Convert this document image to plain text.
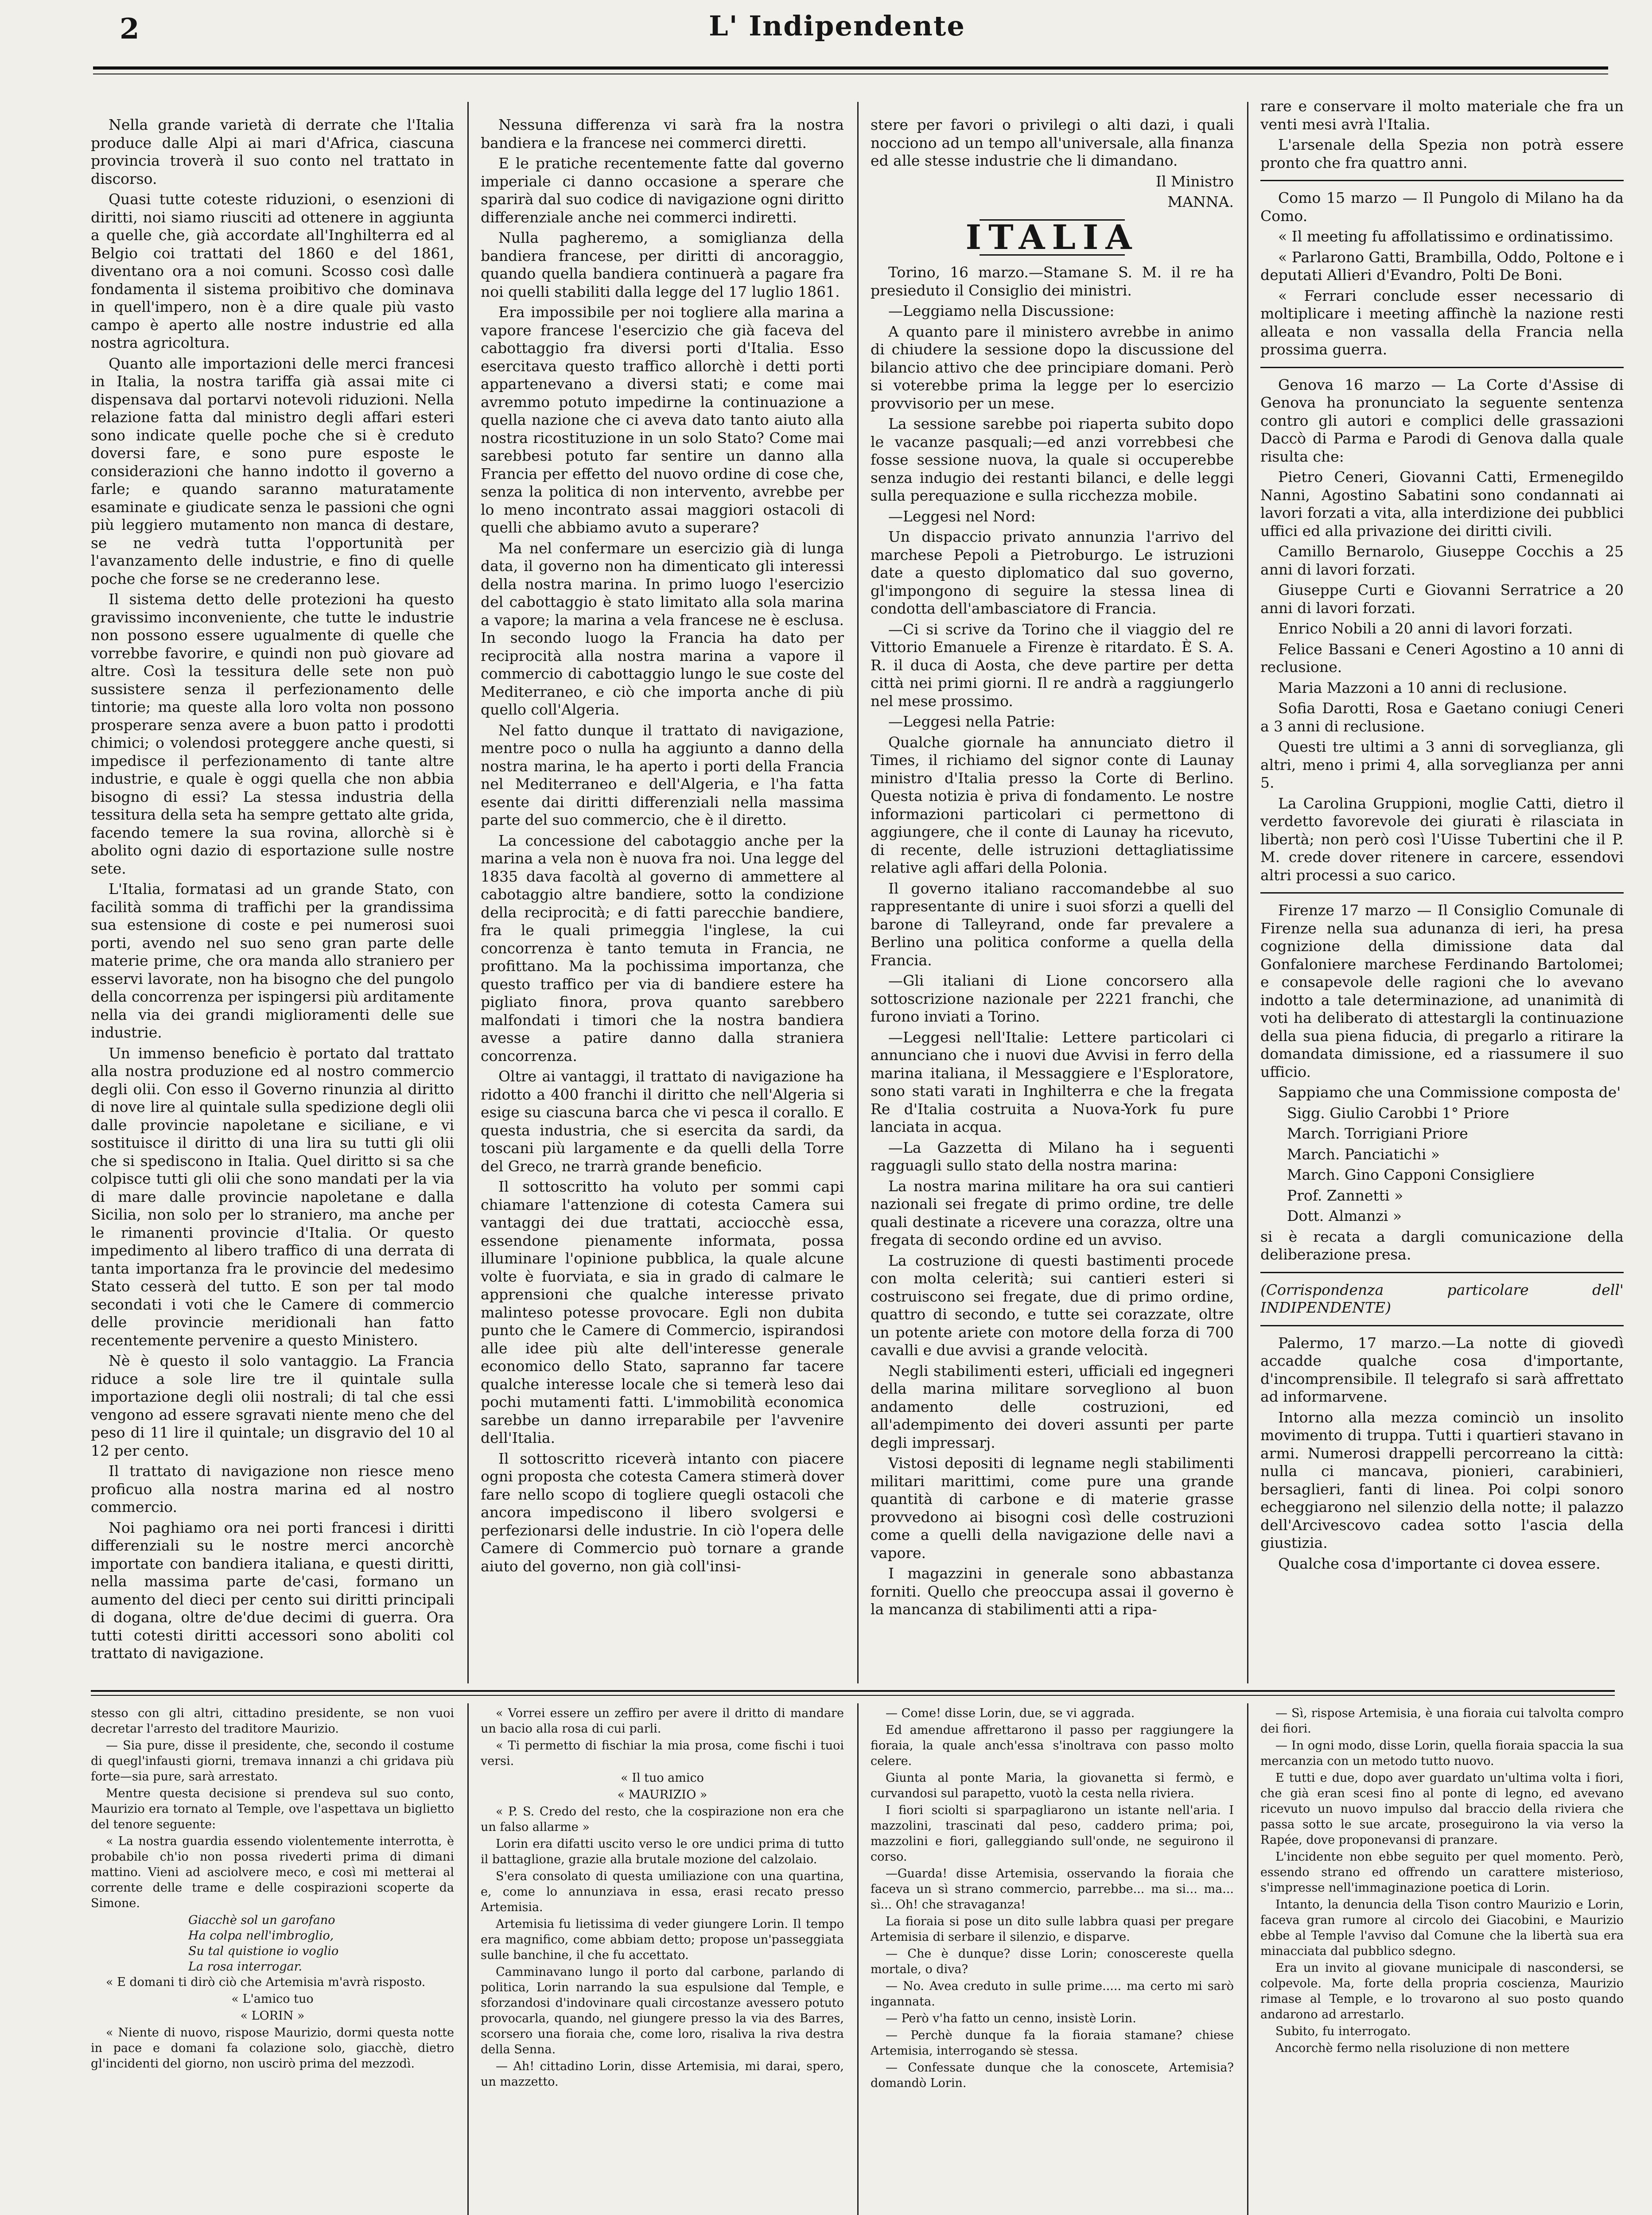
2	L' Indipendente

Nella grande varietà di derrate che l'Italia produce dalle Alpi ai mari d'Africa, ciascuna provincia troverà il suo conto nel trattato in discorso.

Quasi tutte coteste riduzioni, o esenzioni di diritti, noi siamo riusciti ad ottenere in aggiunta a quelle che, già accordate all'Inghilterra ed al Belgio coi trattati del 1860 e del 1861, diventano ora a noi comuni. Scosso così dalle fondamenta il sistema proibitivo che dominava in quell'impero, non è a dire quale più vasto campo è aperto alle nostre industrie ed alla nostra agricoltura.

Quanto alle importazioni delle merci francesi in Italia, la nostra tariffa già assai mite ci dispensava dal portarvi notevoli riduzioni. Nella relazione fatta dal ministro degli affari esteri sono indicate quelle poche che si è creduto doversi fare, e sono pure esposte le considerazioni che hanno indotto il governo a farle; e quando saranno maturatamente esaminate e giudicate senza le passioni che ogni più leggiero mutamento non manca di destare, se ne vedrà tutta l'opportunità per l'avanzamento delle industrie, e fino di quelle poche che forse se ne crederanno lese.

Il sistema detto delle protezioni ha questo gravissimo inconveniente, che tutte le industrie non possono essere ugualmente di quelle che vorrebbe favorire, e quindi non può giovare ad altre. Così la tessitura delle sete non può sussistere senza il perfezionamento delle tintorie; ma queste alla loro volta non possono prosperare senza avere a buon patto i prodotti chimici; o volendosi proteggere anche questi, si impedisce il perfezionamento di tante altre industrie, e quale è oggi quella che non abbia bisogno di essi? La stessa industria della tessitura della seta ha sempre gettato alte grida, facendo temere la sua rovina, allorchè si è abolito ogni dazio di esportazione sulle nostre sete.

L'Italia, formatasi ad un grande Stato, con facilità somma di traffichi per la grandissima sua estensione di coste e pei numerosi suoi porti, avendo nel suo seno gran parte delle materie prime, che ora manda allo straniero per esservi lavorate, non ha bisogno che del pungolo della concorrenza per ispingersi più arditamente nella via dei grandi miglioramenti delle sue industrie.

Un immenso beneficio è portato dal trattato alla nostra produzione ed al nostro commercio degli olii. Con esso il Governo rinunzia al diritto di nove lire al quintale sulla spedizione degli olii dalle provincie napoletane e siciliane, e vi sostituisce il diritto di una lira su tutti gli olii che si spediscono in Italia. Quel diritto si sa che colpisce tutti gli olii che sono mandati per la via di mare dalle provincie napoletane e dalla Sicilia, non solo per lo straniero, ma anche per le rimanenti provincie d'Italia. Or questo impedimento al libero traffico di una derrata di tanta importanza fra le provincie del medesimo Stato cesserà del tutto. E son per tal modo secondati i voti che le Camere di commercio delle provincie meridionali han fatto recentemente pervenire a questo Ministero.

Nè è questo il solo vantaggio. La Francia riduce a sole lire tre il quintale sulla importazione degli olii nostrali; di tal che essi vengono ad essere sgravati niente meno che del peso di 11 lire il quintale; un disgravio del 10 al 12 per cento.

Il trattato di navigazione non riesce meno proficuo alla nostra marina ed al nostro commercio.

Noi paghiamo ora nei porti francesi i diritti differenziali su le nostre merci ancorchè importate con bandiera italiana, e questi diritti, nella massima parte de'casi, formano un aumento del dieci per cento sui diritti principali di dogana, oltre de'due decimi di guerra. Ora tutti cotesti diritti accessori sono aboliti col trattato di navigazione.

Nessuna differenza vi sarà fra la nostra bandiera e la francese nei commerci diretti.

E le pratiche recentemente fatte dal governo imperiale ci danno occasione a sperare che sparirà dal suo codice di navigazione ogni diritto differenziale anche nei commerci indiretti.

Nulla pagheremo, a somiglianza della bandiera francese, per diritti di ancoraggio, quando quella bandiera continuerà a pagare fra noi quelli stabiliti dalla legge del 17 luglio 1861.

Era impossibile per noi togliere alla marina a vapore francese l'esercizio che già faceva del cabottaggio fra diversi porti d'Italia. Esso esercitava questo traffico allorchè i detti porti appartenevano a diversi stati; e come mai avremmo potuto impedirne la continuazione a quella nazione che ci aveva dato tanto aiuto alla nostra ricostituzione in un solo Stato? Come mai sarebbesi potuto far sentire un danno alla Francia per effetto del nuovo ordine di cose che, senza la politica di non intervento, avrebbe per lo meno incontrato assai maggiori ostacoli di quelli che abbiamo avuto a superare?

Ma nel confermare un esercizio già di lunga data, il governo non ha dimenticato gli interessi della nostra marina. In primo luogo l'esercizio del cabottaggio è stato limitato alla sola marina a vapore; la marina a vela francese ne è esclusa. In secondo luogo la Francia ha dato per reciprocità alla nostra marina a vapore il commercio di cabottaggio lungo le sue coste del Mediterraneo, e ciò che importa anche di più quello coll'Algeria.

Nel fatto dunque il trattato di navigazione, mentre poco o nulla ha aggiunto a danno della nostra marina, le ha aperto i porti della Francia nel Mediterraneo e dell'Algeria, e l'ha fatta esente dai diritti differenziali nella massima parte del suo commercio, che è il diretto.

La concessione del cabotaggio anche per la marina a vela non è nuova fra noi. Una legge del 1835 dava facoltà al governo di ammettere al cabotaggio altre bandiere, sotto la condizione della reciprocità; e di fatti parecchie bandiere, fra le quali primeggia l'inglese, la cui concorrenza è tanto temuta in Francia, ne profittano. Ma la pochissima importanza, che questo traffico per via di bandiere estere ha pigliato finora, prova quanto sarebbero malfondati i timori che la nostra bandiera avesse a patire danno dalla straniera concorrenza.

Oltre ai vantaggi, il trattato di navigazione ha ridotto a 400 franchi il diritto che nell'Algeria si esige su ciascuna barca che vi pesca il corallo. E questa industria, che si esercita da sardi, da toscani più largamente e da quelli della Torre del Greco, ne trarrà grande beneficio.

Il sottoscritto ha voluto per sommi capi chiamare l'attenzione di cotesta Camera sui vantaggi dei due trattati, acciocchè essa, essendone pienamente informata, possa illuminare l'opinione pubblica, la quale alcune volte è fuorviata, e sia in grado di calmare le apprensioni che qualche interesse privato malinteso potesse provocare. Egli non dubita punto che le Camere di Commercio, ispirandosi alle idee più alte dell'interesse generale economico dello Stato, sapranno far tacere qualche interesse locale che si temerà leso dai pochi mutamenti fatti. L'immobilità economica sarebbe un danno irreparabile per l'avvenire dell'Italia.

Il sottoscritto riceverà intanto con piacere ogni proposta che cotesta Camera stimerà dover fare nello scopo di togliere quegli ostacoli che ancora impediscono il libero svolgersi e perfezionarsi delle industrie. In ciò l'opera delle Camere di Commercio può tornare a grande aiuto del governo, non già coll'insi-

stere per favori o privilegi o alti dazi, i quali nocciono ad un tempo all'universale, alla finanza ed alle stesse industrie che li dimandano.

Il Ministro

MANNA.

ITALIA

Torino, 16 marzo.—Stamane S. M. il re ha presieduto il Consiglio dei ministri.

—Leggiamo nella Discussione:

A quanto pare il ministero avrebbe in animo di chiudere la sessione dopo la discussione del bilancio attivo che dee principiare domani. Però si voterebbe prima la legge per lo esercizio provvisorio per un mese.

La sessione sarebbe poi riaperta subito dopo le vacanze pasquali;—ed anzi vorrebbesi che fosse sessione nuova, la quale si occuperebbe senza indugio dei restanti bilanci, e delle leggi sulla perequazione e sulla ricchezza mobile.

—Leggesi nel Nord:

Un dispaccio privato annunzia l'arrivo del marchese Pepoli a Pietroburgo. Le istruzioni date a questo diplomatico dal suo governo, gl'impongono di seguire la stessa linea di condotta dell'ambasciatore di Francia.

—Ci si scrive da Torino che il viaggio del re Vittorio Emanuele a Firenze è ritardato. È S. A. R. il duca di Aosta, che deve partire per detta città nei primi giorni. Il re andrà a raggiungerlo nel mese prossimo.

—Leggesi nella Patrie:

Qualche giornale ha annunciato dietro il Times, il richiamo del signor conte di Launay ministro d'Italia presso la Corte di Berlino. Questa notizia è priva di fondamento. Le nostre informazioni particolari ci permettono di aggiungere, che il conte di Launay ha ricevuto, di recente, delle istruzioni dettagliatissime relative agli affari della Polonia.

Il governo italiano raccomandebbe al suo rappresentante di unire i suoi sforzi a quelli del barone di Talleyrand, onde far prevalere a Berlino una politica conforme a quella della Francia.

—Gli italiani di Lione concorsero alla sottoscrizione nazionale per 2221 franchi, che furono inviati a Torino.

—Leggesi nell'Italie: Lettere particolari ci annunciano che i nuovi due Avvisi in ferro della marina italiana, il Messaggiere e l'Esploratore, sono stati varati in Inghilterra e che la fregata Re d'Italia costruita a Nuova-York fu pure lanciata in acqua.

—La Gazzetta di Milano ha i seguenti ragguagli sullo stato della nostra marina:

La nostra marina militare ha ora sui cantieri nazionali sei fregate di primo ordine, tre delle quali destinate a ricevere una corazza, oltre una fregata di secondo ordine ed un avviso.

La costruzione di questi bastimenti procede con molta celerità; sui cantieri esteri si costruiscono sei fregate, due di primo ordine, quattro di secondo, e tutte sei corazzate, oltre un potente ariete con motore della forza di 700 cavalli e due avvisi a grande velocità.

Negli stabilimenti esteri, ufficiali ed ingegneri della marina militare sorvegliono al buon andamento delle costruzioni, ed all'adempimento dei doveri assunti per parte degli impressarj.

Vistosi depositi di legname negli stabilimenti militari marittimi, come pure una grande quantità di carbone e di materie grasse provvedono ai bisogni così delle costruzioni come a quelli della navigazione delle navi a vapore.

I magazzini in generale sono abbastanza forniti. Quello che preoccupa assai il governo è la mancanza di stabilimenti atti a ripa-

rare e conservare il molto materiale che fra un venti mesi avrà l'Italia.

L'arsenale della Spezia non potrà essere pronto che fra quattro anni.

Como 15 marzo — Il Pungolo di Milano ha da Como.

« Il meeting fu affollatissimo e ordinatissimo.

« Parlarono Gatti, Brambilla, Oddo, Poltone e i deputati Allieri d'Evandro, Polti De Boni.

« Ferrari conclude esser necessario di moltiplicare i meeting affinchè la nazione resti alleata e non vassalla della Francia nella prossima guerra.

Genova 16 marzo — La Corte d'Assise di Genova ha pronunciato la seguente sentenza contro gli autori e complici delle grassazioni Daccò di Parma e Parodi di Genova dalla quale risulta che:

Pietro Ceneri, Giovanni Catti, Ermenegildo Nanni, Agostino Sabatini sono condannati ai lavori forzati a vita, alla interdizione dei pubblici uffici ed alla privazione dei diritti civili.

Camillo Bernarolo, Giuseppe Cocchis a 25 anni di lavori forzati.

Giuseppe Curti e Giovanni Serratrice a 20 anni di lavori forzati.

Enrico Nobili a 20 anni di lavori forzati.

Felice Bassani e Ceneri Agostino a 10 anni di reclusione.

Maria Mazzoni a 10 anni di reclusione.

Sofia Darotti, Rosa e Gaetano coniugi Ceneri a 3 anni di reclusione.

Questi tre ultimi a 3 anni di sorveglianza, gli altri, meno i primi 4, alla sorveglianza per anni 5.

La Carolina Gruppioni, moglie Catti, dietro il verdetto favorevole dei giurati è rilasciata in libertà; non però così l'Uisse Tubertini che il P. M. crede dover ritenere in carcere, essendovi altri processi a suo carico.

Firenze 17 marzo — Il Consiglio Comunale di Firenze nella sua adunanza di ieri, ha presa cognizione della dimissione data dal Gonfaloniere marchese Ferdinando Bartolomei; e consapevole delle ragioni che lo avevano indotto a tale determinazione, ad unanimità di voti ha deliberato di attestargli la continuazione della sua piena fiducia, di pregarlo a ritirare la domandata dimissione, ed a riassumere il suo ufficio.

Sappiamo che una Commissione composta de'

Sigg. Giulio Carobbi 1° Priore

March. Torrigiani Priore

March. Panciatichi »

March. Gino Capponi Consigliere

Prof. Zannetti »

Dott. Almanzi »

si è recata a dargli comunicazione della deliberazione presa.

(Corrispondenza particolare dell' INDIPENDENTE)

Palermo, 17 marzo.—La notte di giovedì accadde qualche cosa d'importante, d'incomprensibile. Il telegrafo si sarà affrettato ad informarvene.

Intorno alla mezza cominciò un insolito movimento di truppa. Tutti i quartieri stavano in armi. Numerosi drappelli percorreano la città: nulla ci mancava, pionieri, carabinieri, bersaglieri, fanti di linea. Poi colpi sonoro echeggiarono nel silenzio della notte; il palazzo dell'Arcivescovo cadea sotto l'ascia della giustizia.

Qualche cosa d'importante ci dovea essere.

stesso con gli altri, cittadino presidente, se non vuoi decretar l'arresto del traditore Maurizio.

— Sia pure, disse il presidente, che, secondo il costume di quegl'infausti giorni, tremava innanzi a chi gridava più forte—sia pure, sarà arrestato.

Mentre questa decisione si prendeva sul suo conto, Maurizio era tornato al Temple, ove l'aspettava un biglietto del tenore seguente:

« La nostra guardia essendo violentemente interrotta, è probabile ch'io non possa rivederti prima di dimani mattino. Vieni ad asciolvere meco, e così mi metterai al corrente delle trame e delle cospirazioni scoperte da Simone.

Giacchè sol un garofano

Ha colpa nell'imbroglio,

Su tal quistione io voglio

La rosa interrogar.

« E domani ti dirò ciò che Artemisia m'avrà risposto.

« L'amico tuo

« LORIN »

« Niente di nuovo, rispose Maurizio, dormi questa notte in pace e domani fa colazione solo, giacchè, dietro gl'incidenti del giorno, non uscirò prima del mezzodì.

« Vorrei essere un zeffiro per avere il dritto di mandare un bacio alla rosa di cui parli.

« Ti permetto di fischiar la mia prosa, come fischi i tuoi versi.

« Il tuo amico

« MAURIZIO »

« P. S. Credo del resto, che la cospirazione non era che un falso allarme »

Lorin era difatti uscito verso le ore undici prima di tutto il battaglione, grazie alla brutale mozione del calzolaio.

S'era consolato di questa umiliazione con una quartina, e, come lo annunziava in essa, erasi recato presso Artemisia.

Artemisia fu lietissima di veder giungere Lorin. Il tempo era magnifico, come abbiam detto; propose un'passeggiata sulle banchine, il che fu accettato.

Camminavano lungo il porto dal carbone, parlando di politica, Lorin narrando la sua espulsione dal Temple, e sforzandosi d'indovinare quali circostanze avessero potuto provocarla, quando, nel giungere presso la via des Barres, scorsero una fioraia che, come loro, risaliva la riva destra della Senna.

— Ah! cittadino Lorin, disse Artemisia, mi darai, spero, un mazzetto.

— Come! disse Lorin, due, se vi aggrada.

Ed amendue affrettarono il passo per raggiungere la fioraia, la quale anch'essa s'inoltrava con passo molto celere.

Giunta al ponte Maria, la giovanetta si fermò, e curvandosi sul parapetto, vuotò la cesta nella riviera.

I fiori sciolti si sparpagliarono un istante nell'aria. I mazzolini, trascinati dal peso, caddero prima; poi, mazzolini e fiori, galleggiando sull'onde, ne seguirono il corso.

—Guarda! disse Artemisia, osservando la fioraia che faceva un sì strano commercio, parrebbe... ma si... ma... sì... Oh! che stravaganza!

La fioraia si pose un dito sulle labbra quasi per pregare Artemisia di serbare il silenzio, e disparve.

— Che è dunque? disse Lorin; conoscereste quella mortale, o diva?

— No. Avea creduto in sulle prime..... ma certo mi sarò ingannata.

— Però v'ha fatto un cenno, insistè Lorin.

— Perchè dunque fa la fioraia stamane? chiese Artemisia, interrogando sè stessa.

— Confessate dunque che la conoscete, Artemisia? domandò Lorin.

— Sì, rispose Artemisia, è una fioraia cui talvolta compro dei fiori.

— In ogni modo, disse Lorin, quella fioraia spaccia la sua mercanzia con un metodo tutto nuovo.

E tutti e due, dopo aver guardato un'ultima volta i fiori, che già eran scesi fino al ponte di legno, ed avevano ricevuto un nuovo impulso dal braccio della riviera che passa sotto le sue arcate, proseguirono la via verso la Rapée, dove proponevansi di pranzare.

L'incidente non ebbe seguito per quel momento. Però, essendo strano ed offrendo un carattere misterioso, s'impresse nell'immaginazione poetica di Lorin.

Intanto, la denuncia della Tison contro Maurizio e Lorin, faceva gran rumore al circolo dei Giacobini, e Maurizio ebbe al Temple l'avviso dal Comune che la libertà sua era minacciata dal pubblico sdegno.

Era un invito al giovane municipale di nascondersi, se colpevole. Ma, forte della propria coscienza, Maurizio rimase al Temple, e lo trovarono al suo posto quando andarono ad arrestarlo.

Subito, fu interrogato.

Ancorchè fermo nella risoluzione di non mettere
